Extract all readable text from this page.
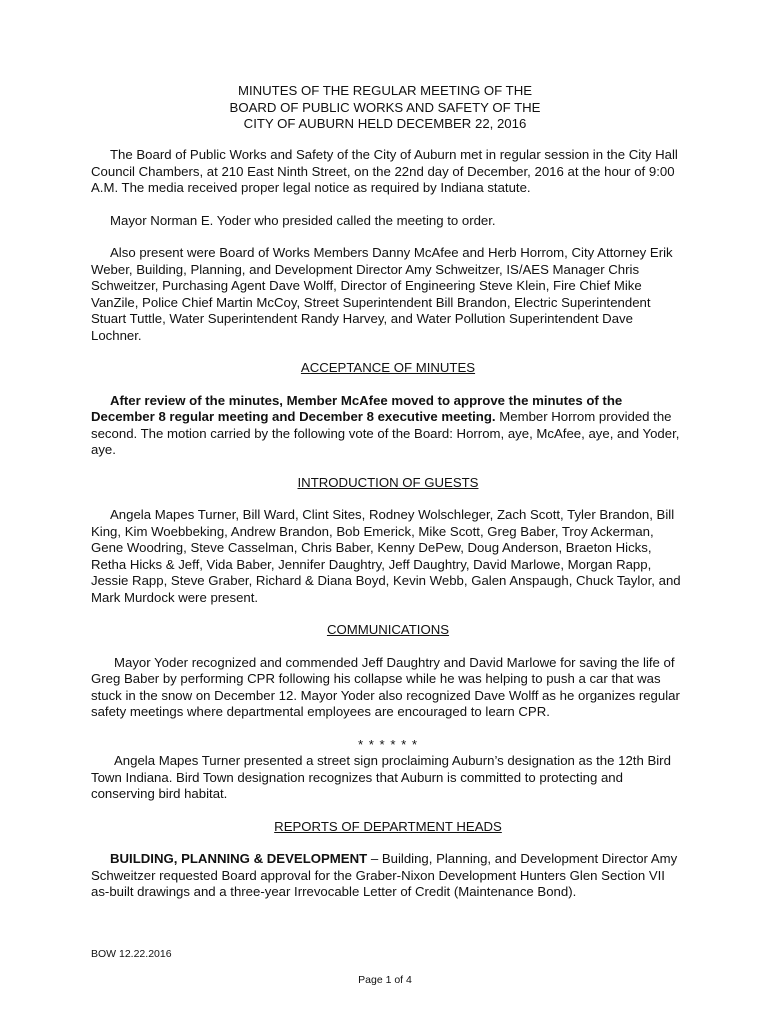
MINUTES OF THE REGULAR MEETING OF THE
BOARD OF PUBLIC WORKS AND SAFETY OF THE
CITY OF AUBURN HELD DECEMBER 22, 2016

The Board of Public Works and Safety of the City of Auburn met in regular session in the City Hall Council Chambers, at 210 East Ninth Street, on the 22nd day of December, 2016 at the hour of 9:00 A.M. The media received proper legal notice as required by Indiana statute.

Mayor Norman E. Yoder who presided called the meeting to order.

Also present were Board of Works Members Danny McAfee and Herb Horrom, City Attorney Erik Weber, Building, Planning, and Development Director Amy Schweitzer, IS/AES Manager Chris Schweitzer, Purchasing Agent Dave Wolff, Director of Engineering Steve Klein, Fire Chief Mike VanZile, Police Chief Martin McCoy, Street Superintendent Bill Brandon, Electric Superintendent Stuart Tuttle, Water Superintendent Randy Harvey, and Water Pollution Superintendent Dave Lochner.

ACCEPTANCE OF MINUTES

After review of the minutes, Member McAfee moved to approve the minutes of the December 8 regular meeting and December 8 executive meeting. Member Horrom provided the second. The motion carried by the following vote of the Board: Horrom, aye, McAfee, aye, and Yoder, aye.

INTRODUCTION OF GUESTS

Angela Mapes Turner, Bill Ward, Clint Sites, Rodney Wolschleger, Zach Scott, Tyler Brandon, Bill King, Kim Woebbeking, Andrew Brandon, Bob Emerick, Mike Scott, Greg Baber, Troy Ackerman, Gene Woodring, Steve Casselman, Chris Baber, Kenny DePew, Doug Anderson, Braeton Hicks, Retha Hicks & Jeff, Vida Baber, Jennifer Daughtry, Jeff Daughtry, David Marlowe, Morgan Rapp, Jessie Rapp, Steve Graber, Richard & Diana Boyd, Kevin Webb, Galen Anspaugh, Chuck Taylor, and Mark Murdock were present.

COMMUNICATIONS

Mayor Yoder recognized and commended Jeff Daughtry and David Marlowe for saving the life of Greg Baber by performing CPR following his collapse while he was helping to push a car that was stuck in the snow on December 12. Mayor Yoder also recognized Dave Wolff as he organizes regular safety meetings where departmental employees are encouraged to learn CPR.

* * * * * *

Angela Mapes Turner presented a street sign proclaiming Auburn’s designation as the 12th Bird Town Indiana. Bird Town designation recognizes that Auburn is committed to protecting and conserving bird habitat.

REPORTS OF DEPARTMENT HEADS

BUILDING, PLANNING & DEVELOPMENT – Building, Planning, and Development Director Amy Schweitzer requested Board approval for the Graber-Nixon Development Hunters Glen Section VII as-built drawings and a three-year Irrevocable Letter of Credit (Maintenance Bond).

BOW 12.22.2016
Page 1 of 4
